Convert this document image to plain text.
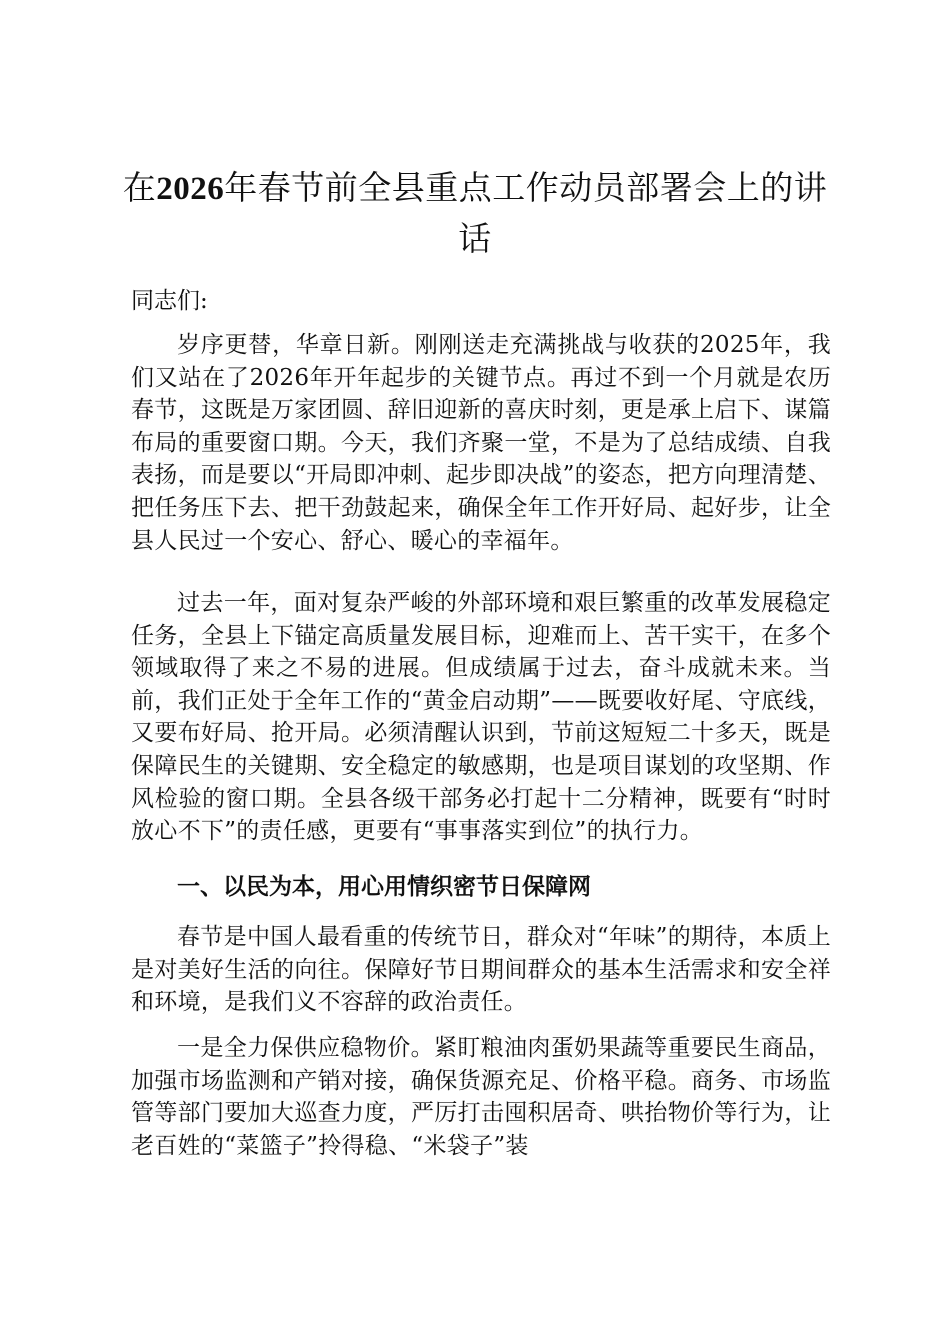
在2026年春节前全县重点工作动员部署会上的讲话

同志们:

岁序更替，华章日新。刚刚送走充满挑战与收获的2025年，我们又站在了2026年开年起步的关键节点。再过不到一个月就是农历春节，这既是万家团圆、辞旧迎新的喜庆时刻，更是承上启下、谋篇布局的重要窗口期。今天，我们齐聚一堂，不是为了总结成绩、自我表扬，而是要以“开局即冲刺、起步即决战”的姿态，把方向理清楚、把任务压下去、把干劲鼓起来，确保全年工作开好局、起好步，让全县人民过一个安心、舒心、暖心的幸福年。

过去一年，面对复杂严峻的外部环境和艰巨繁重的改革发展稳定任务，全县上下锚定高质量发展目标，迎难而上、苦干实干，在多个领域取得了来之不易的进展。但成绩属于过去，奋斗成就未来。当前，我们正处于全年工作的“黄金启动期”——既要收好尾、守底线，又要布好局、抢开局。必须清醒认识到，节前这短短二十多天，既是保障民生的关键期、安全稳定的敏感期，也是项目谋划的攻坚期、作风检验的窗口期。全县各级干部务必打起十二分精神，既要有“时时放心不下”的责任感，更要有“事事落实到位”的执行力。

一、以民为本，用心用情织密节日保障网

春节是中国人最看重的传统节日，群众对“年味”的期待，本质上是对美好生活的向往。保障好节日期间群众的基本生活需求和安全祥和环境，是我们义不容辞的政治责任。

一是全力保供应稳物价。紧盯粮油肉蛋奶果蔬等重要民生商品，加强市场监测和产销对接，确保货源充足、价格平稳。商务、市场监管等部门要加大巡查力度，严厉打击囤积居奇、哄抬物价等行为，让老百姓的“菜篮子”拎得稳、“米袋子”装
